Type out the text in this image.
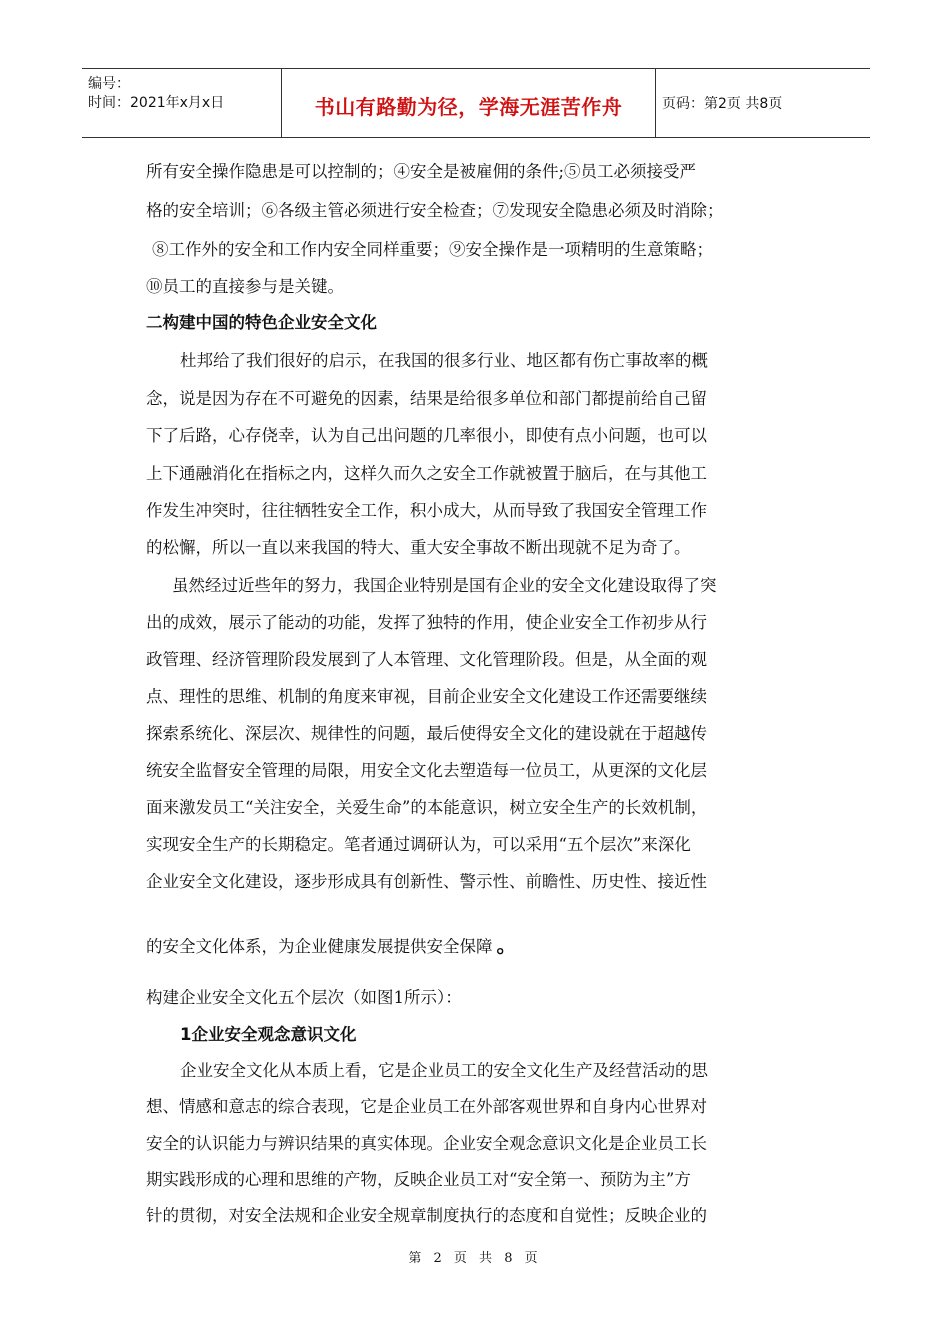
编号：
时间：2021年x月x日	书山有路勤为径，学海无涯苦作舟	页码：第2页 共8页
所有安全操作隐患是可以控制的；④安全是被雇佣的条件;⑤员工必须接受严
格的安全培训；⑥各级主管必须进行安全检查；⑦发现安全隐患必须及时消除；
⑧工作外的安全和工作内安全同样重要；⑨安全操作是一项精明的生意策略；
⑩员工的直接参与是关键。
二构建中国的特色企业安全文化
杜邦给了我们很好的启示，在我国的很多行业、地区都有伤亡事故率的概
念，说是因为存在不可避免的因素，结果是给很多单位和部门都提前给自己留
下了后路，心存侥幸，认为自己出问题的几率很小，即使有点小问题，也可以
上下通融消化在指标之内，这样久而久之安全工作就被置于脑后，在与其他工
作发生冲突时，往往牺牲安全工作，积小成大，从而导致了我国安全管理工作
的松懈，所以一直以来我国的特大、重大安全事故不断出现就不足为奇了。
虽然经过近些年的努力，我国企业特别是国有企业的安全文化建设取得了突
出的成效，展示了能动的功能，发挥了独特的作用，使企业安全工作初步从行
政管理、经济管理阶段发展到了人本管理、文化管理阶段。但是，从全面的观
点、理性的思维、机制的角度来审视，目前企业安全文化建设工作还需要继续
探索系统化、深层次、规律性的问题，最后使得安全文化的建设就在于超越传
统安全监督安全管理的局限，用安全文化去塑造每一位员工，从更深的文化层
面来激发员工“关注安全，关爱生命”的本能意识，树立安全生产的长效机制，
实现安全生产的长期稳定。笔者通过调研认为，可以采用“五个层次”来深化
企业安全文化建设，逐步形成具有创新性、警示性、前瞻性、历史性、接近性
的安全文化体系，为企业健康发展提供安全保障 。
构建企业安全文化五个层次（如图1所示）：
1企业安全观念意识文化
企业安全文化从本质上看，它是企业员工的安全文化生产及经营活动的思
想、情感和意志的综合表现，它是企业员工在外部客观世界和自身内心世界对
安全的认识能力与辨识结果的真实体现。企业安全观念意识文化是企业员工长
期实践形成的心理和思维的产物，反映企业员工对“安全第一、预防为主”方
针的贯彻，对安全法规和企业安全规章制度执行的态度和自觉性；反映企业的
第 2 页 共 8 页
